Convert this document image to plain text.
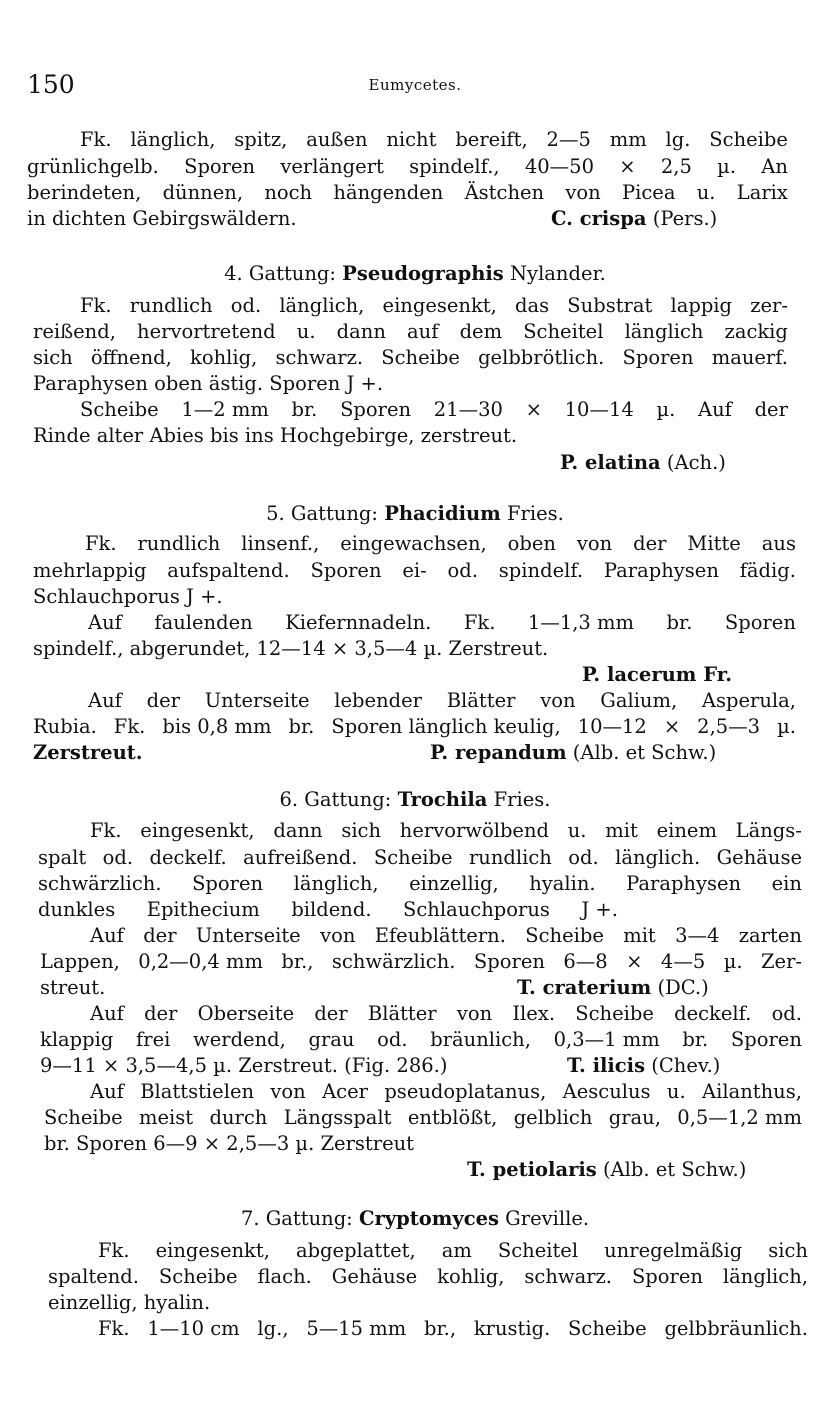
150	Eumycetes.
Fk. länglich, spitz, außen nicht bereift, 2—5 mm lg. Scheibe
grünlichgelb. Sporen verlängert spindelf., 40—50 × 2,5 µ. An
berindeten, dünnen, noch hängenden Ästchen von Picea u. Larix
in dichten Gebirgswäldern.	C. crispa (Pers.)
4. Gattung: Pseudographis Nylander.
Fk. rundlich od. länglich, eingesenkt, das Substrat lappig zer-
reißend, hervortretend u. dann auf dem Scheitel länglich zackig
sich öffnend, kohlig, schwarz. Scheibe gelbbrötlich. Sporen mauerf.
Paraphysen oben ästig. Sporen J +.
Scheibe 1—2 mm br. Sporen 21—30 × 10—14 µ. Auf der
Rinde alter Abies bis ins Hochgebirge, zerstreut.
P. elatina (Ach.)
5. Gattung: Phacidium Fries.
Fk. rundlich linsenf., eingewachsen, oben von der Mitte aus
mehrlappig aufspaltend. Sporen ei- od. spindelf. Paraphysen fädig.
Schlauchporus J +.
Auf faulenden Kiefernnadeln. Fk. 1—1,3 mm br. Sporen
spindelf., abgerundet, 12—14 × 3,5—4 µ. Zerstreut.
P. lacerum Fr.
Auf der Unterseite lebender Blätter von Galium, Asperula,
Rubia. Fk. bis 0,8 mm br. Sporen länglich keulig, 10—12 × 2,5—3 µ.
Zerstreut.	P. repandum (Alb. et Schw.)
6. Gattung: Trochila Fries.
Fk. eingesenkt, dann sich hervorwölbend u. mit einem Längs-
spalt od. deckelf. aufreißend. Scheibe rundlich od. länglich. Gehäuse
schwärzlich. Sporen länglich, einzellig, hyalin. Paraphysen ein
dunkles Epithecium bildend. Schlauchporus J +.
Auf der Unterseite von Efeublättern. Scheibe mit 3—4 zarten
Lappen, 0,2—0,4 mm br., schwärzlich. Sporen 6—8 × 4—5 µ. Zer-
streut.	T. craterium (DC.)
Auf der Oberseite der Blätter von Ilex. Scheibe deckelf. od.
klappig frei werdend, grau od. bräunlich, 0,3—1 mm br. Sporen
9—11 × 3,5—4,5 µ. Zerstreut. (Fig. 286.)	T. ilicis (Chev.)
Auf Blattstielen von Acer pseudoplatanus, Aesculus u. Ailanthus,
Scheibe meist durch Längsspalt entblößt, gelblich grau, 0,5—1,2 mm
br. Sporen 6—9 × 2,5—3 µ. Zerstreut
T. petiolaris (Alb. et Schw.)
7. Gattung: Cryptomyces Greville.
Fk. eingesenkt, abgeplattet, am Scheitel unregelmäßig sich
spaltend. Scheibe flach. Gehäuse kohlig, schwarz. Sporen länglich,
einzellig, hyalin.
Fk. 1—10 cm lg., 5—15 mm br., krustig. Scheibe gelbbräunlich.
